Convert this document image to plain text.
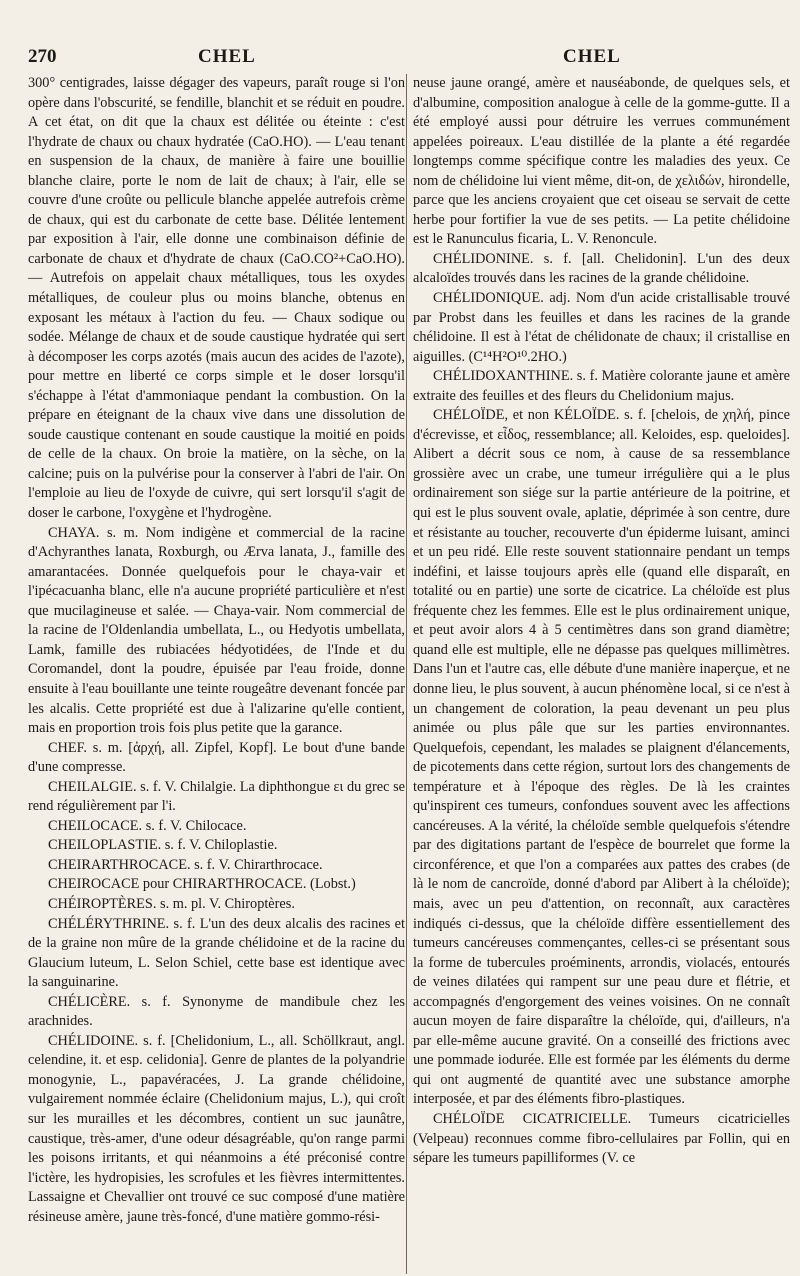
270	CHEL	CHEL

300° centigrades, laisse dégager des vapeurs, paraît rouge si l'on opère dans l'obscurité, se fendille, blanchit et se réduit en poudre. A cet état, on dit que la chaux est délitée ou éteinte : c'est l'hydrate de chaux ou chaux hydratée (CaO.HO). — L'eau tenant en suspension de la chaux, de manière à faire une bouillie blanche claire, porte le nom de lait de chaux; à l'air, elle se couvre d'une croûte ou pellicule blanche appelée autrefois crème de chaux, qui est du carbonate de cette base. Délitée lentement par exposition à l'air, elle donne une combinaison définie de carbonate de chaux et d'hydrate de chaux (CaO.CO²+CaO.HO). — Autrefois on appelait chaux métalliques, tous les oxydes métalliques, de couleur plus ou moins blanche, obtenus en exposant les métaux à l'action du feu. — Chaux sodique ou sodée. Mélange de chaux et de soude caustique hydratée qui sert à décomposer les corps azotés (mais aucun des acides de l'azote), pour mettre en liberté ce corps simple et le doser lorsqu'il s'échappe à l'état d'ammoniaque pendant la combustion. On la prépare en éteignant de la chaux vive dans une dissolution de soude caustique contenant en soude caustique la moitié en poids de celle de la chaux. On broie la matière, on la sèche, on la calcine; puis on la pulvérise pour la conserver à l'abri de l'air. On l'emploie au lieu de l'oxyde de cuivre, qui sert lorsqu'il s'agit de doser le carbone, l'oxygène et l'hydrogène.

CHAYA. s. m. Nom indigène et commercial de la racine d'Achyranthes lanata, Roxburgh, ou Ærva lanata, J., famille des amarantacées. Donnée quelquefois pour le chaya-vair et l'ipécacuanha blanc, elle n'a aucune propriété particulière et n'est que mucilagineuse et salée. — Chaya-vair. Nom commercial de la racine de l'Oldenlandia umbellata, L., ou Hedyotis umbellata, Lamk, famille des rubiacées hédyotidées, de l'Inde et du Coromandel, dont la poudre, épuisée par l'eau froide, donne ensuite à l'eau bouillante une teinte rougeâtre devenant foncée par les alcalis. Cette propriété est due à l'alizarine qu'elle contient, mais en proportion trois fois plus petite que la garance.

CHEF. s. m. [ἀρχή, all. Zipfel, Kopf]. Le bout d'une bande d'une compresse.

CHEILALGIE. s. f. V. Chilalgie. La diphthongue ει du grec se rend régulièrement par l'i.

CHEILOCACE. s. f. V. Chilocace.

CHEILOPLASTIE. s. f. V. Chiloplastie.

CHEIRARTHROCACE. s. f. V. Chirarthrocace.

CHEIROCACE pour CHIRARTHROCACE. (Lobst.)

CHÉIROPTÈRES. s. m. pl. V. Chiroptères.

CHÉLÉRYTHRINE. s. f. L'un des deux alcalis des racines et de la graine non mûre de la grande chélidoine et de la racine du Glaucium luteum, L. Selon Schiel, cette base est identique avec la sanguinarine.

CHÉLICÈRE. s. f. Synonyme de mandibule chez les arachnides.

CHÉLIDOINE. s. f. [Chelidonium, L., all. Schöllkraut, angl. celendine, it. et esp. celidonia]. Genre de plantes de la polyandrie monogynie, L., papavéracées, J. La grande chélidoine, vulgairement nommée éclaire (Chelidonium majus, L.), qui croît sur les murailles et les décombres, contient un suc jaunâtre, caustique, très-amer, d'une odeur désagréable, qu'on range parmi les poisons irritants, et qui néanmoins a été préconisé contre l'ictère, les hydropisies, les scrofules et les fièvres intermittentes. Lassaigne et Chevallier ont trouvé ce suc composé d'une matière résineuse amère, jaune très-foncé, d'une matière gommo-rési-

neuse jaune orangé, amère et nauséabonde, de quelques sels, et d'albumine, composition analogue à celle de la gomme-gutte. Il a été employé aussi pour détruire les verrues communément appelées poireaux. L'eau distillée de la plante a été regardée longtemps comme spécifique contre les maladies des yeux. Ce nom de chélidoine lui vient même, dit-on, de χελιδών, hirondelle, parce que les anciens croyaient que cet oiseau se servait de cette herbe pour fortifier la vue de ses petits. — La petite chélidoine est le Ranunculus ficaria, L. V. Renoncule.

CHÉLIDONINE. s. f. [all. Chelidonin]. L'un des deux alcaloïdes trouvés dans les racines de la grande chélidoine.

CHÉLIDONIQUE. adj. Nom d'un acide cristallisable trouvé par Probst dans les feuilles et dans les racines de la grande chélidoine. Il est à l'état de chélidonate de chaux; il cristallise en aiguilles. (C¹⁴H²O¹⁰.2HO.)

CHÉLIDOXANTHINE. s. f. Matière colorante jaune et amère extraite des feuilles et des fleurs du Chelidonium majus.

CHÉLOÏDE, et non KÉLOÏDE. s. f. [chelois, de χηλή, pince d'écrevisse, et εἶδος, ressemblance; all. Keloides, esp. queloides]. Alibert a décrit sous ce nom, à cause de sa ressemblance grossière avec un crabe, une tumeur irrégulière qui a le plus ordinairement son siége sur la partie antérieure de la poitrine, et qui est le plus souvent ovale, aplatie, déprimée à son centre, dure et résistante au toucher, recouverte d'un épiderme luisant, aminci et un peu ridé. Elle reste souvent stationnaire pendant un temps indéfini, et laisse toujours après elle (quand elle disparaît, en totalité ou en partie) une sorte de cicatrice. La chéloïde est plus fréquente chez les femmes. Elle est le plus ordinairement unique, et peut avoir alors 4 à 5 centimètres dans son grand diamètre; quand elle est multiple, elle ne dépasse pas quelques millimètres. Dans l'un et l'autre cas, elle débute d'une manière inaperçue, et ne donne lieu, le plus souvent, à aucun phénomène local, si ce n'est à un changement de coloration, la peau devenant un peu plus animée ou plus pâle que sur les parties environnantes. Quelquefois, cependant, les malades se plaignent d'élancements, de picotements dans cette région, surtout lors des changements de température et à l'époque des règles. De là les craintes qu'inspirent ces tumeurs, confondues souvent avec les affections cancéreuses. A la vérité, la chéloïde semble quelquefois s'étendre par des digitations partant de l'espèce de bourrelet que forme la circonférence, et que l'on a comparées aux pattes des crabes (de là le nom de cancroïde, donné d'abord par Alibert à la chéloïde); mais, avec un peu d'attention, on reconnaît, aux caractères indiqués ci-dessus, que la chéloïde diffère essentiellement des tumeurs cancéreuses commençantes, celles-ci se présentant sous la forme de tubercules proéminents, arrondis, violacés, entourés de veines dilatées qui rampent sur une peau dure et flétrie, et accompagnés d'engorgement des veines voisines. On ne connaît aucun moyen de faire disparaître la chéloïde, qui, d'ailleurs, n'a par elle-même aucune gravité. On a conseillé des frictions avec une pommade iodurée. Elle est formée par les éléments du derme qui ont augmenté de quantité avec une substance amorphe interposée, et par des éléments fibro-plastiques.

CHÉLOÏDE CICATRICIELLE. Tumeurs cicatricielles (Velpeau) reconnues comme fibro-cellulaires par Follin, qui en sépare les tumeurs papilliformes (V. ce
